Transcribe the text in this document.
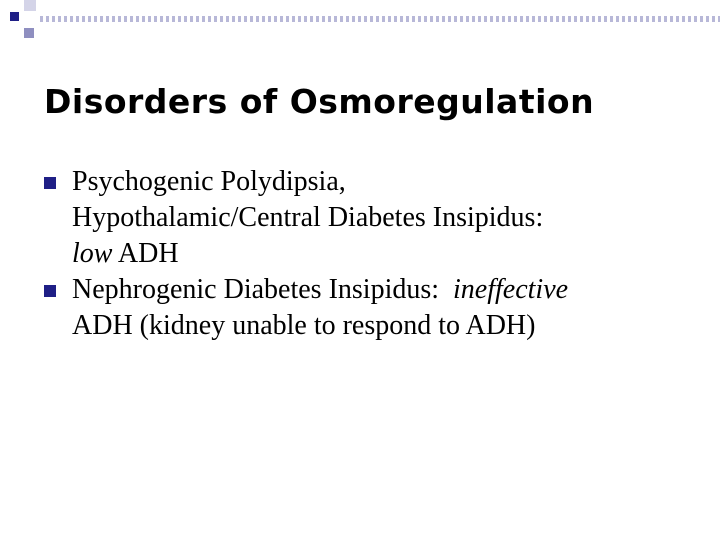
Disorders of Osmoregulation
Psychogenic Polydipsia,
Hypothalamic/Central Diabetes Insipidus:
low ADH
Nephrogenic Diabetes Insipidus: ineffective
ADH (kidney unable to respond to ADH)
